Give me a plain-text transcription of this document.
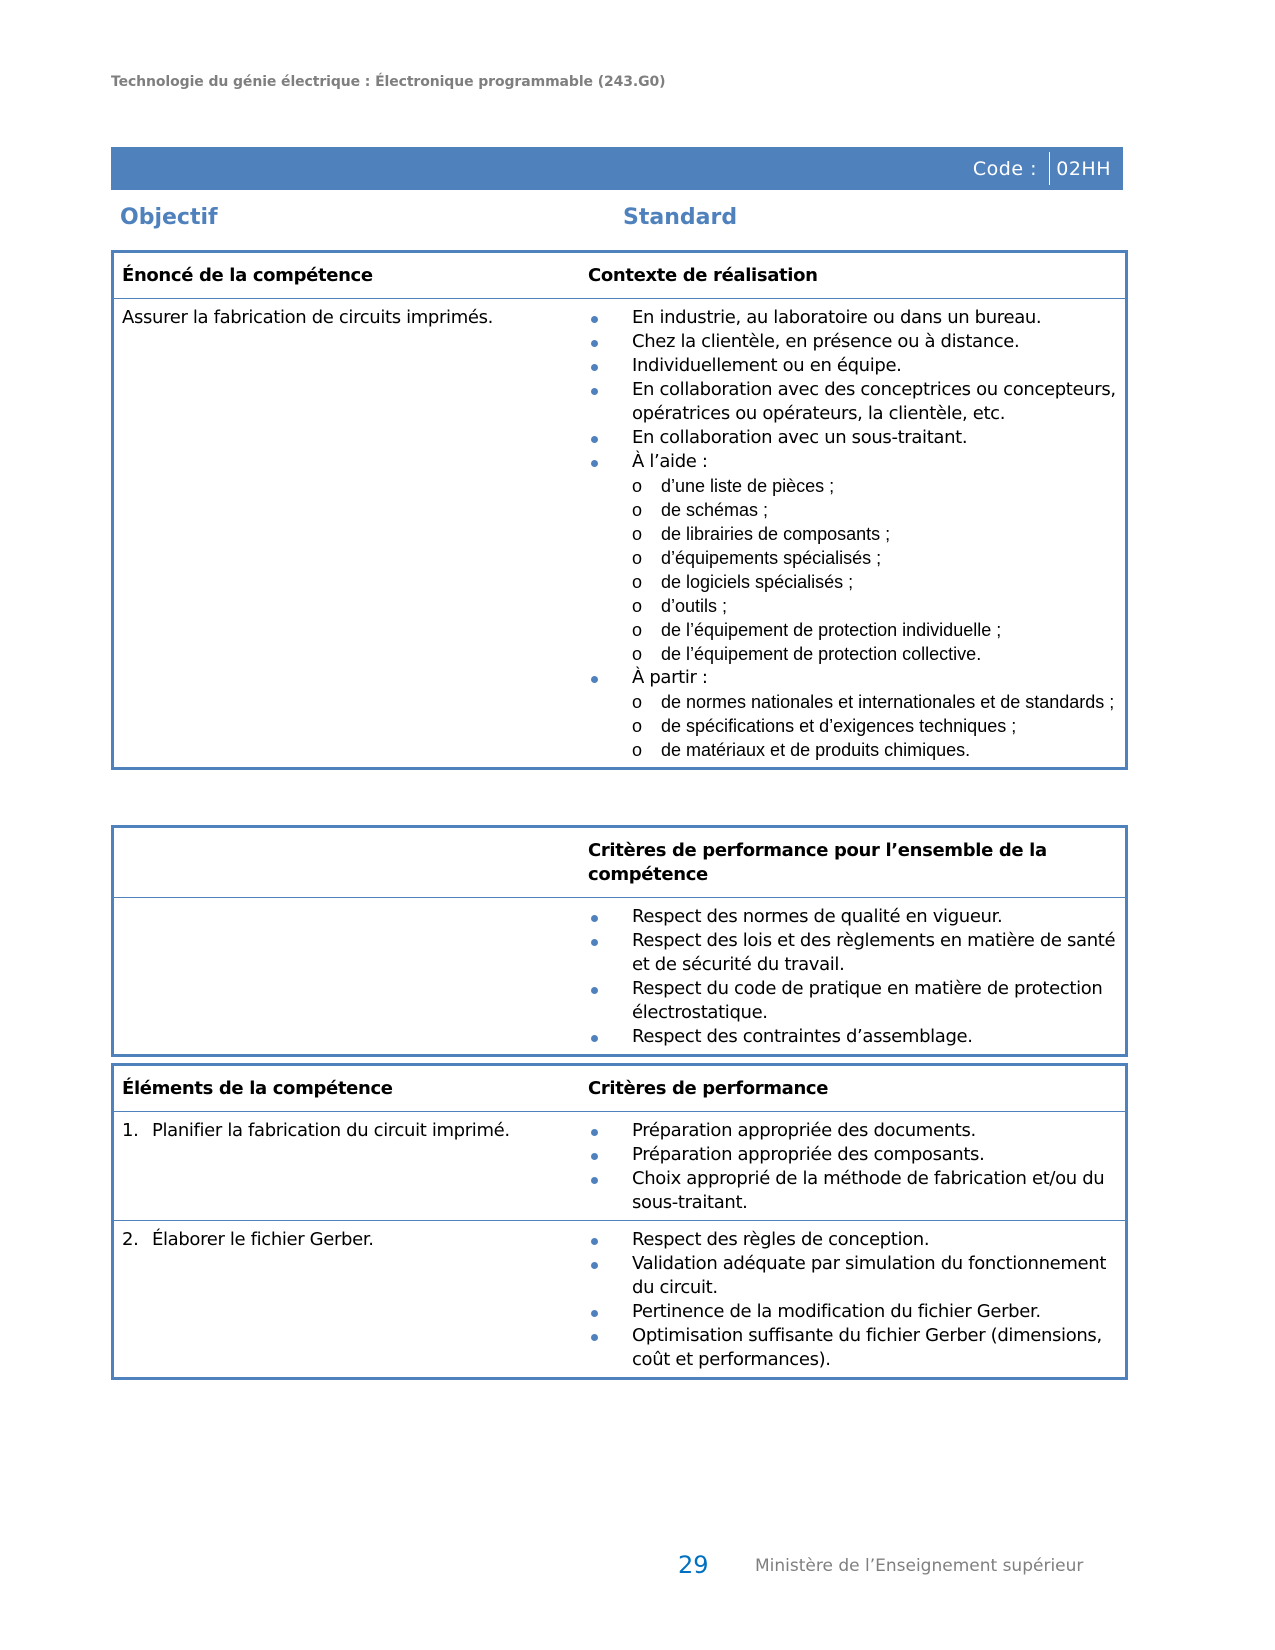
Technologie du génie électrique : Électronique programmable (243.G0)
Code : 02HH
Objectif	Standard
Énoncé de la compétence	Contexte de réalisation
Assurer la fabrication de circuits imprimés.	En industrie, au laboratoire ou dans un bureau.
Chez la clientèle, en présence ou à distance.
Individuellement ou en équipe.
En collaboration avec des conceptrices ou concepteurs, opératrices ou opérateurs, la clientèle, etc.
En collaboration avec un sous-traitant.
À l’aide :
o d’une liste de pièces ;
o de schémas ;
o de librairies de composants ;
o d’équipements spécialisés ;
o de logiciels spécialisés ;
o d’outils ;
o de l’équipement de protection individuelle ;
o de l’équipement de protection collective.
À partir :
o de normes nationales et internationales et de standards ;
o de spécifications et d’exigences techniques ;
o de matériaux et de produits chimiques.
Critères de performance pour l’ensemble de la compétence
Respect des normes de qualité en vigueur.
Respect des lois et des règlements en matière de santé et de sécurité du travail.
Respect du code de pratique en matière de protection électrostatique.
Respect des contraintes d’assemblage.
Éléments de la compétence	Critères de performance
1. Planifier la fabrication du circuit imprimé.	Préparation appropriée des documents.
Préparation appropriée des composants.
Choix approprié de la méthode de fabrication et/ou du sous-traitant.
2. Élaborer le fichier Gerber.	Respect des règles de conception.
Validation adéquate par simulation du fonctionnement du circuit.
Pertinence de la modification du fichier Gerber.
Optimisation suffisante du fichier Gerber (dimensions, coût et performances).
29	Ministère de l’Enseignement supérieur
